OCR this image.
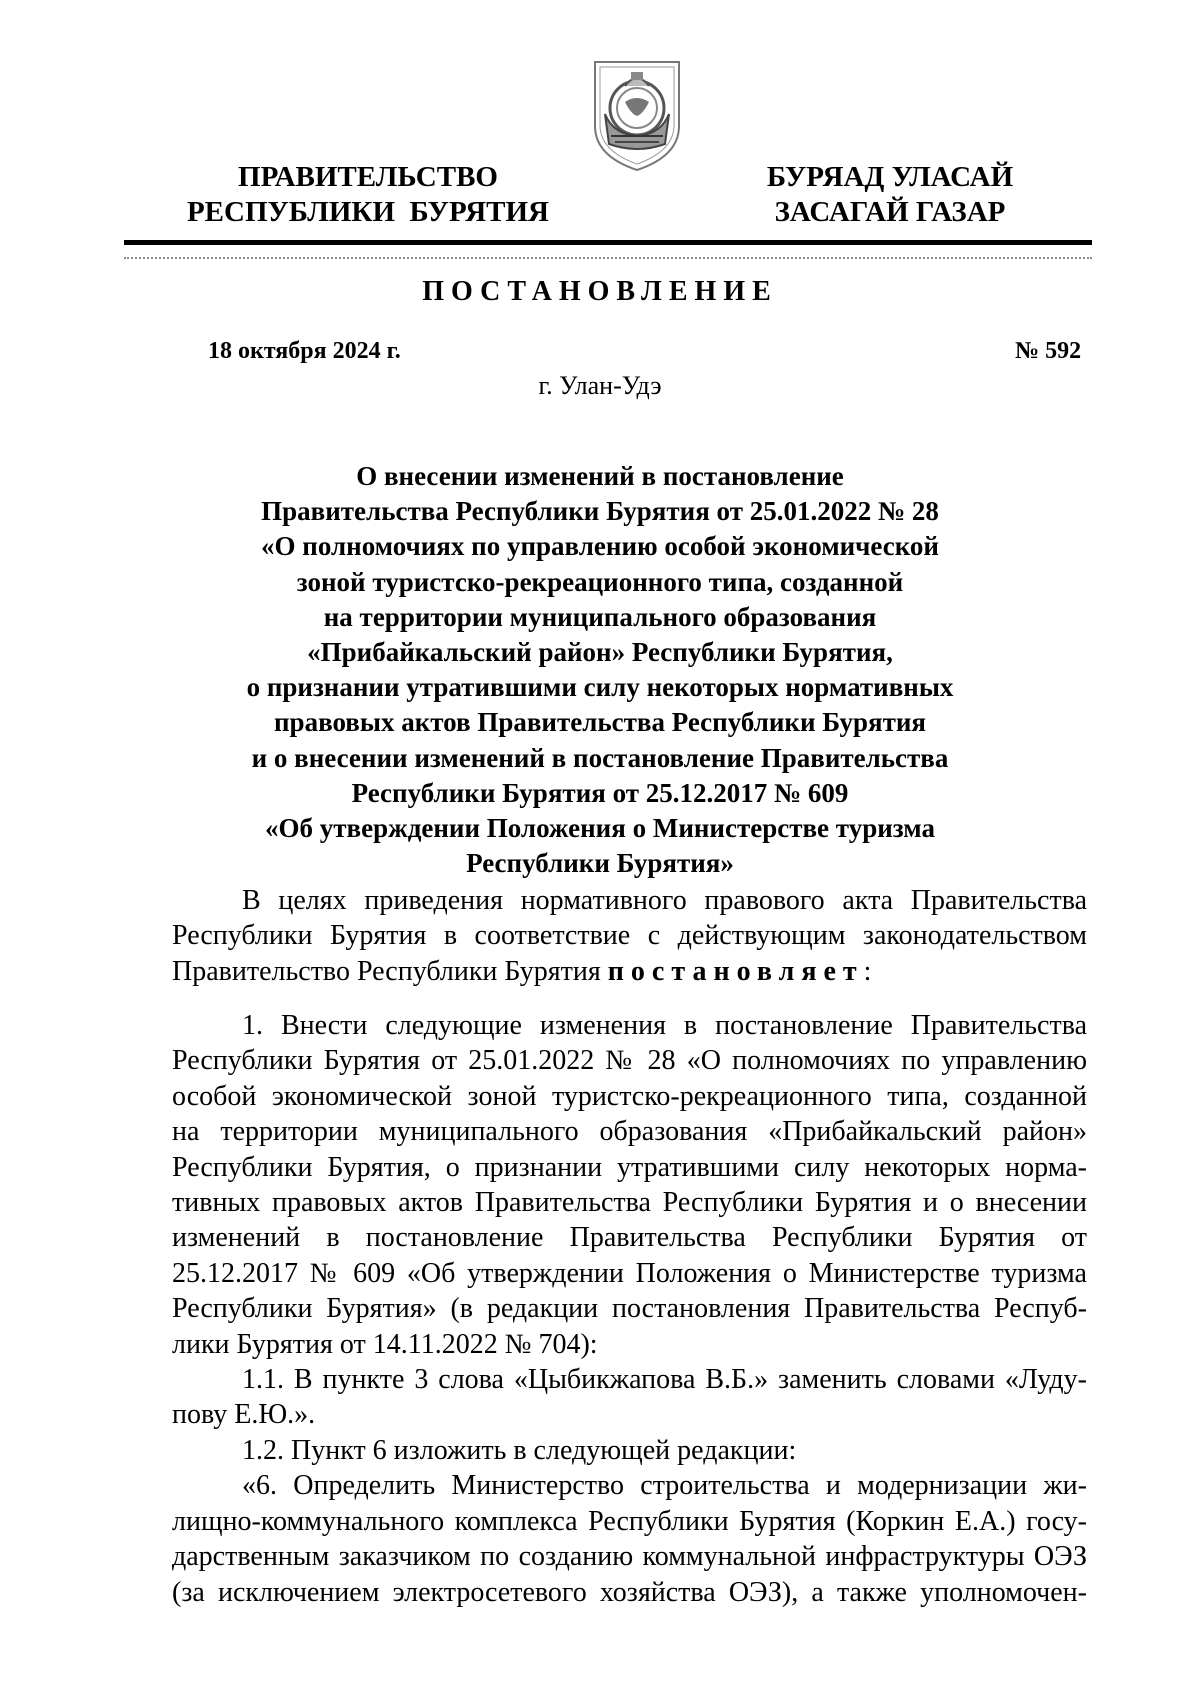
ПРАВИТЕЛЬСТВО
РЕСПУБЛИКИ  БУРЯТИЯ
БУРЯАД УЛАСАЙ
ЗАСАГАЙ ГАЗАР
ПОСТАНОВЛЕНИЕ
18 октября 2024 г.	№ 592
г. Улан-Удэ
О внесении изменений в постановление
Правительства Республики Бурятия от 25.01.2022 № 28
«О полномочиях по управлению особой экономической
зоной туристско-рекреационного типа, созданной
на территории муниципального образования
«Прибайкальский район» Республики Бурятия,
о признании утратившими силу некоторых нормативных
правовых актов Правительства Республики Бурятия
и о внесении изменений в постановление Правительства
Республики Бурятия от 25.12.2017 № 609
«Об утверждении Положения о Министерстве туризма
Республики Бурятия»
В целях приведения нормативного правового акта Правительства
Республики Бурятия в соответствие с действующим законодательством
Правительство Республики Бурятия постановляет:
1. Внести следующие изменения в постановление Правительства
Республики Бурятия от 25.01.2022 № 28 «О полномочиях по управлению
особой экономической зоной туристско-рекреационного типа, созданной
на территории муниципального образования «Прибайкальский район»
Республики Бурятия, о признании утратившими силу некоторых норма-
тивных правовых актов Правительства Республики Бурятия и о внесении
изменений в постановление Правительства Республики Бурятия от
25.12.2017 № 609 «Об утверждении Положения о Министерстве туризма
Республики Бурятия» (в редакции постановления Правительства Респуб-
лики Бурятия от 14.11.2022 № 704):
1.1. В пункте 3 слова «Цыбикжапова В.Б.» заменить словами «Луду-
пову Е.Ю.».
1.2. Пункт 6 изложить в следующей редакции:
«6. Определить Министерство строительства и модернизации жи-
лищно-коммунального комплекса Республики Бурятия (Коркин Е.А.) госу-
дарственным заказчиком по созданию коммунальной инфраструктуры ОЭЗ
(за исключением электросетевого хозяйства ОЭЗ), а также уполномочен-
